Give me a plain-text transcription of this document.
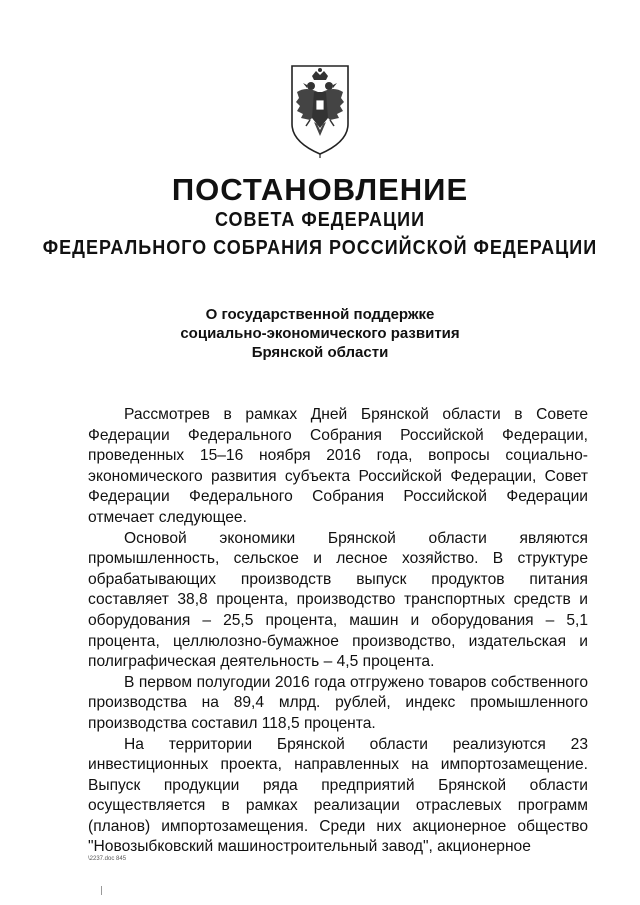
ПОСТАНОВЛЕНИЕ
СОВЕТА ФЕДЕРАЦИИ
ФЕДЕРАЛЬНОГО СОБРАНИЯ РОССИЙСКОЙ ФЕДЕРАЦИИ
О государственной поддержке
социально-экономического развития
Брянской области

Рассмотрев в рамках Дней Брянской области в Совете Федерации Федерального Собрания Российской Федерации, проведенных 15–16 ноября 2016 года, вопросы социально-экономического развития субъекта Российской Федерации, Совет Федерации Федерального Собрания Российской Федерации отмечает следующее.

Основой экономики Брянской области являются промышленность, сельское и лесное хозяйство. В структуре обрабатывающих производств выпуск продуктов питания составляет 38,8 процента, производство транспортных средств и оборудования – 25,5 процента, машин и оборудования – 5,1 процента, целлюлозно-бумажное производство, издательская и полиграфическая деятельность – 4,5 процента.

В первом полугодии 2016 года отгружено товаров собственного производства на 89,4 млрд. рублей, индекс промышленного производства составил 118,5 процента.

На территории Брянской области реализуются 23 инвестиционных проекта, направленных на импортозамещение. Выпуск продукции ряда предприятий Брянской области осуществляется в рамках реализации отраслевых программ (планов) импортозамещения. Среди них акционерное общество "Новозыбковский машиностроительный завод", акционерное

\2237.doc 845
